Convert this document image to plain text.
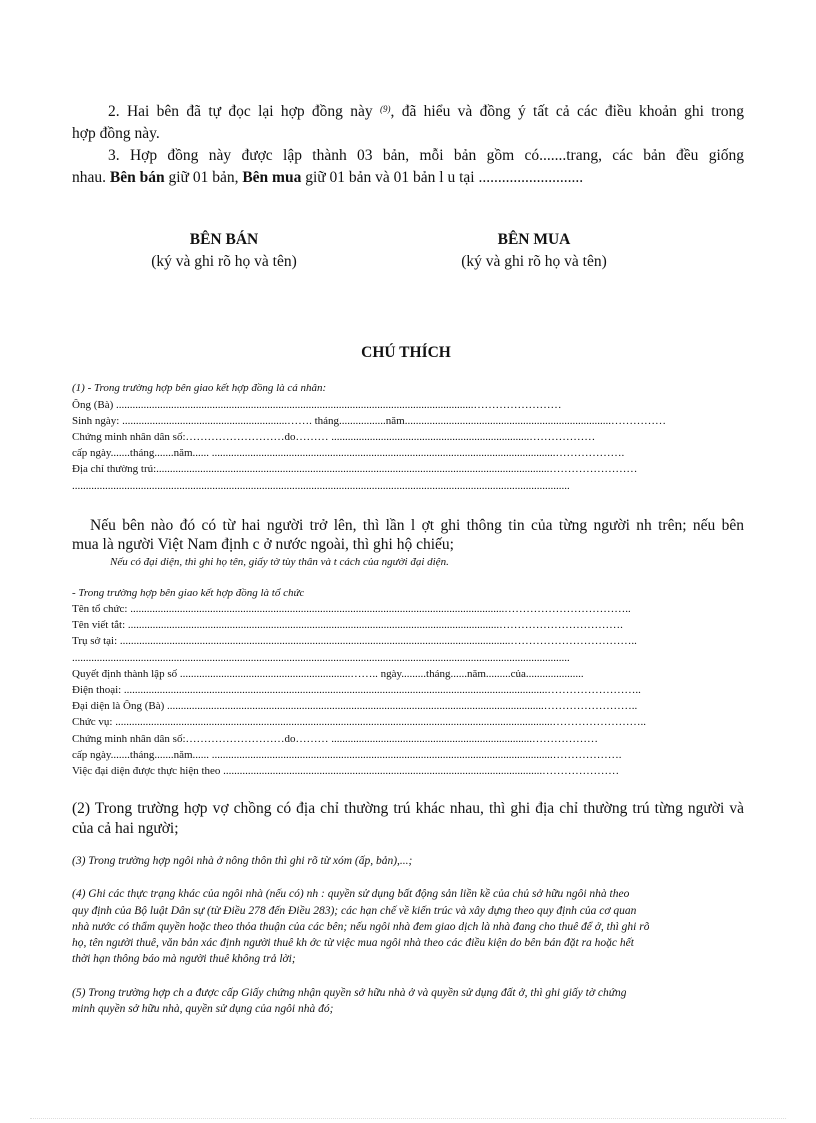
2. Hai bên đã tự đọc lại hợp đồng này $^{(9)}$, đã hiểu và đồng ý tất cả các điều khoản ghi trong
hợp đồng này.
3. Hợp đồng này được lập thành 03 bản, mỗi bản gồm có.......trang, các bản đều giống
nhau. Bên bán giữ 01 bản, Bên mua giữ 01 bản và 01 bản l u tại ...........................
BÊN BÁN
(ký và ghi rõ họ và tên)
BÊN MUA
(ký và ghi rõ họ và tên)
CHÚ THÍCH
(1) - Trong trường hợp bên giao kết hợp đồng là cá nhân:
Ông (Bà) ..................................................................................................................................……………………
Sinh ngày: ............................................................……. tháng.................năm...........................................................................……………
Chứng minh nhân dân số:………………………do……… ........................................................................………………
cấp ngày.......tháng.......năm...... .............................................................................................................................……………….
Địa chỉ thường trú:...............................................................................................................................................……………………
.....................................................................................................................................................................................
Nếu bên nào đó có từ hai người trở lên, thì lần l ợt ghi thông tin của từng người nh trên; nếu bên
mua là người Việt Nam định c ở nước ngoài, thì ghi hộ chiếu;
Nếu có đại diện, thì ghi họ tên, giấy tờ tùy thân và t cách của người đại diện.
- Trong trường hợp bên giao kết hợp đồng là tổ chức
Tên tổ chức: ........................................................................................................................................……………………………..
Tên viết tắt: .......................................................................................................................................…………………………….
Trụ sở tại: ..............................................................................................................................................……………………………..
.....................................................................................................................................................................................
Quyết định thành lập số ..............................................................…….. ngày.........tháng......năm.........của.....................
Điện thoại: ..........................................................................................................................................................……………………..
Đại diện là Ông (Bà) .........................................................................................................................................……………………..
Chức vụ: ...............................................................................................................................................................……………………..
Chứng minh nhân dân số:………………………do……… .........................................................................………………
cấp ngày.......tháng.......năm...... ............................................................................................................................……………….
Việc đại diện được thực hiện theo ....................................................................................................................…………………
(2) Trong trường hợp vợ chồng có địa chỉ thường trú khác nhau, thì ghi địa chỉ thường trú từng người và
của cả hai người;
(3) Trong trường hợp ngôi nhà ở nông thôn thì ghi rõ từ xóm (ấp, bản),...;
(4) Ghi các thực trạng khác của ngôi nhà (nếu có) nh : quyền sử dụng bất động sản liền kề của chủ sở hữu ngôi nhà theo
quy định của Bộ luật Dân sự (từ Điều 278 đến Điều 283); các hạn chế về kiến trúc và xây dựng theo quy định của cơ quan
nhà nước có thẩm quyền hoặc theo thỏa thuận của các bên; nếu ngôi nhà đem giao dịch là nhà đang cho thuê để ở, thì ghi rõ
họ, tên người thuê, văn bản xác định người thuê kh ớc từ việc mua ngôi nhà theo các điều kiện do bên bán đặt ra hoặc hết
thời hạn thông báo mà người thuê không trả lời;
(5) Trong trường hợp ch a được cấp Giấy chứng nhận quyền sở hữu nhà ở và quyền sử dụng đất ở, thì ghi giấy tờ chứng
minh quyền sở hữu nhà, quyền sử dụng của ngôi nhà đó;
